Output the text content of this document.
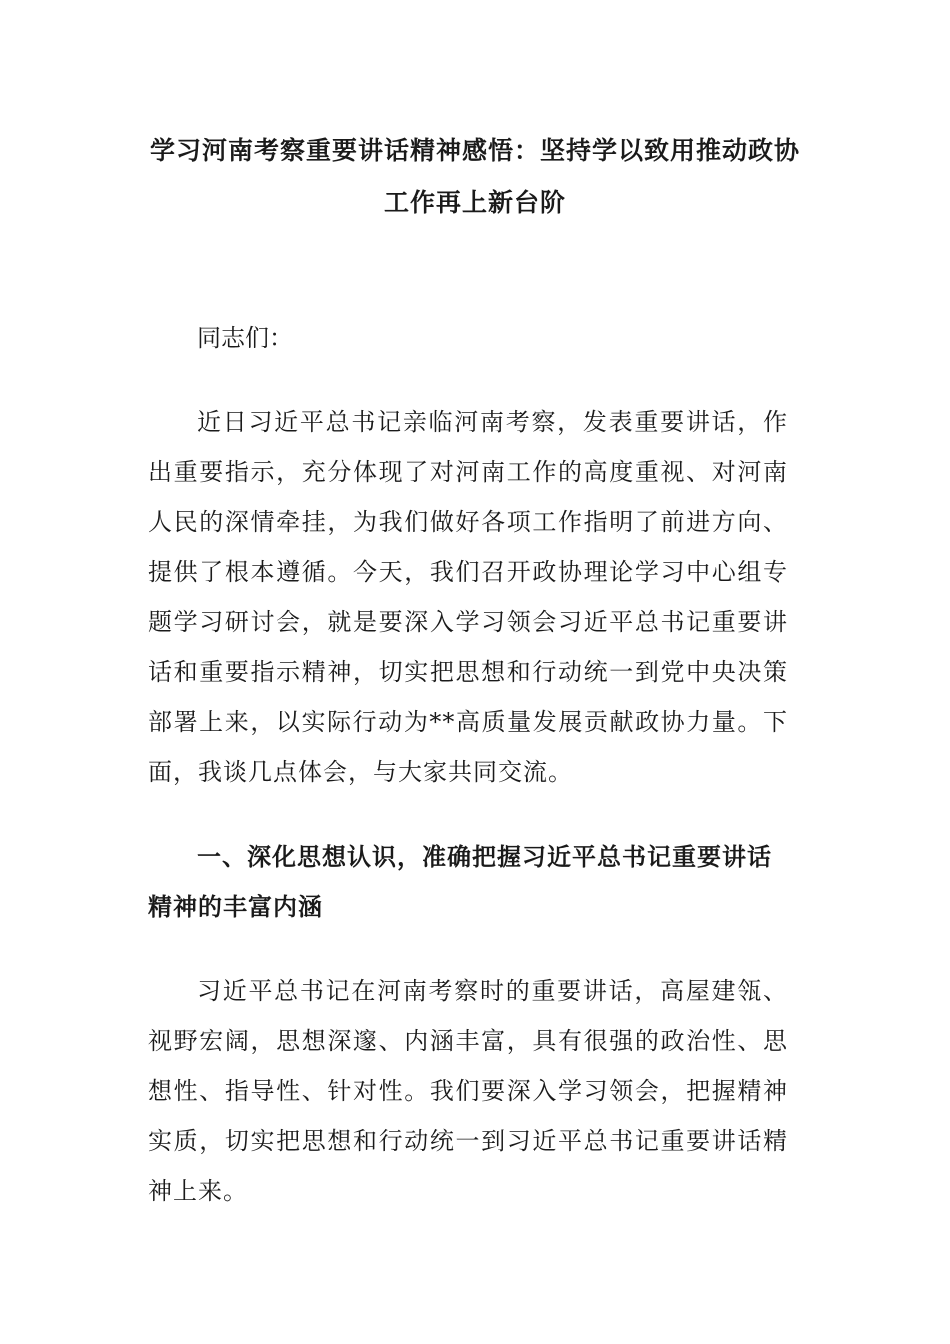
学习河南考察重要讲话精神感悟：坚持学以致用推动政协
工作再上新台阶
同志们：

近日习近平总书记亲临河南考察，发表重要讲话，作出重要指示，充分体现了对河南工作的高度重视、对河南人民的深情牵挂，为我们做好各项工作指明了前进方向、提供了根本遵循。今天，我们召开政协理论学习中心组专题学习研讨会，就是要深入学习领会习近平总书记重要讲话和重要指示精神，切实把思想和行动统一到党中央决策部署上来，以实际行动为**高质量发展贡献政协力量。下面，我谈几点体会，与大家共同交流。

一、深化思想认识，准确把握习近平总书记重要讲话精神的丰富内涵

习近平总书记在河南考察时的重要讲话，高屋建瓴、视野宏阔，思想深邃、内涵丰富，具有很强的政治性、思想性、指导性、针对性。我们要深入学习领会，把握精神实质，切实把思想和行动统一到习近平总书记重要讲话精神上来。
